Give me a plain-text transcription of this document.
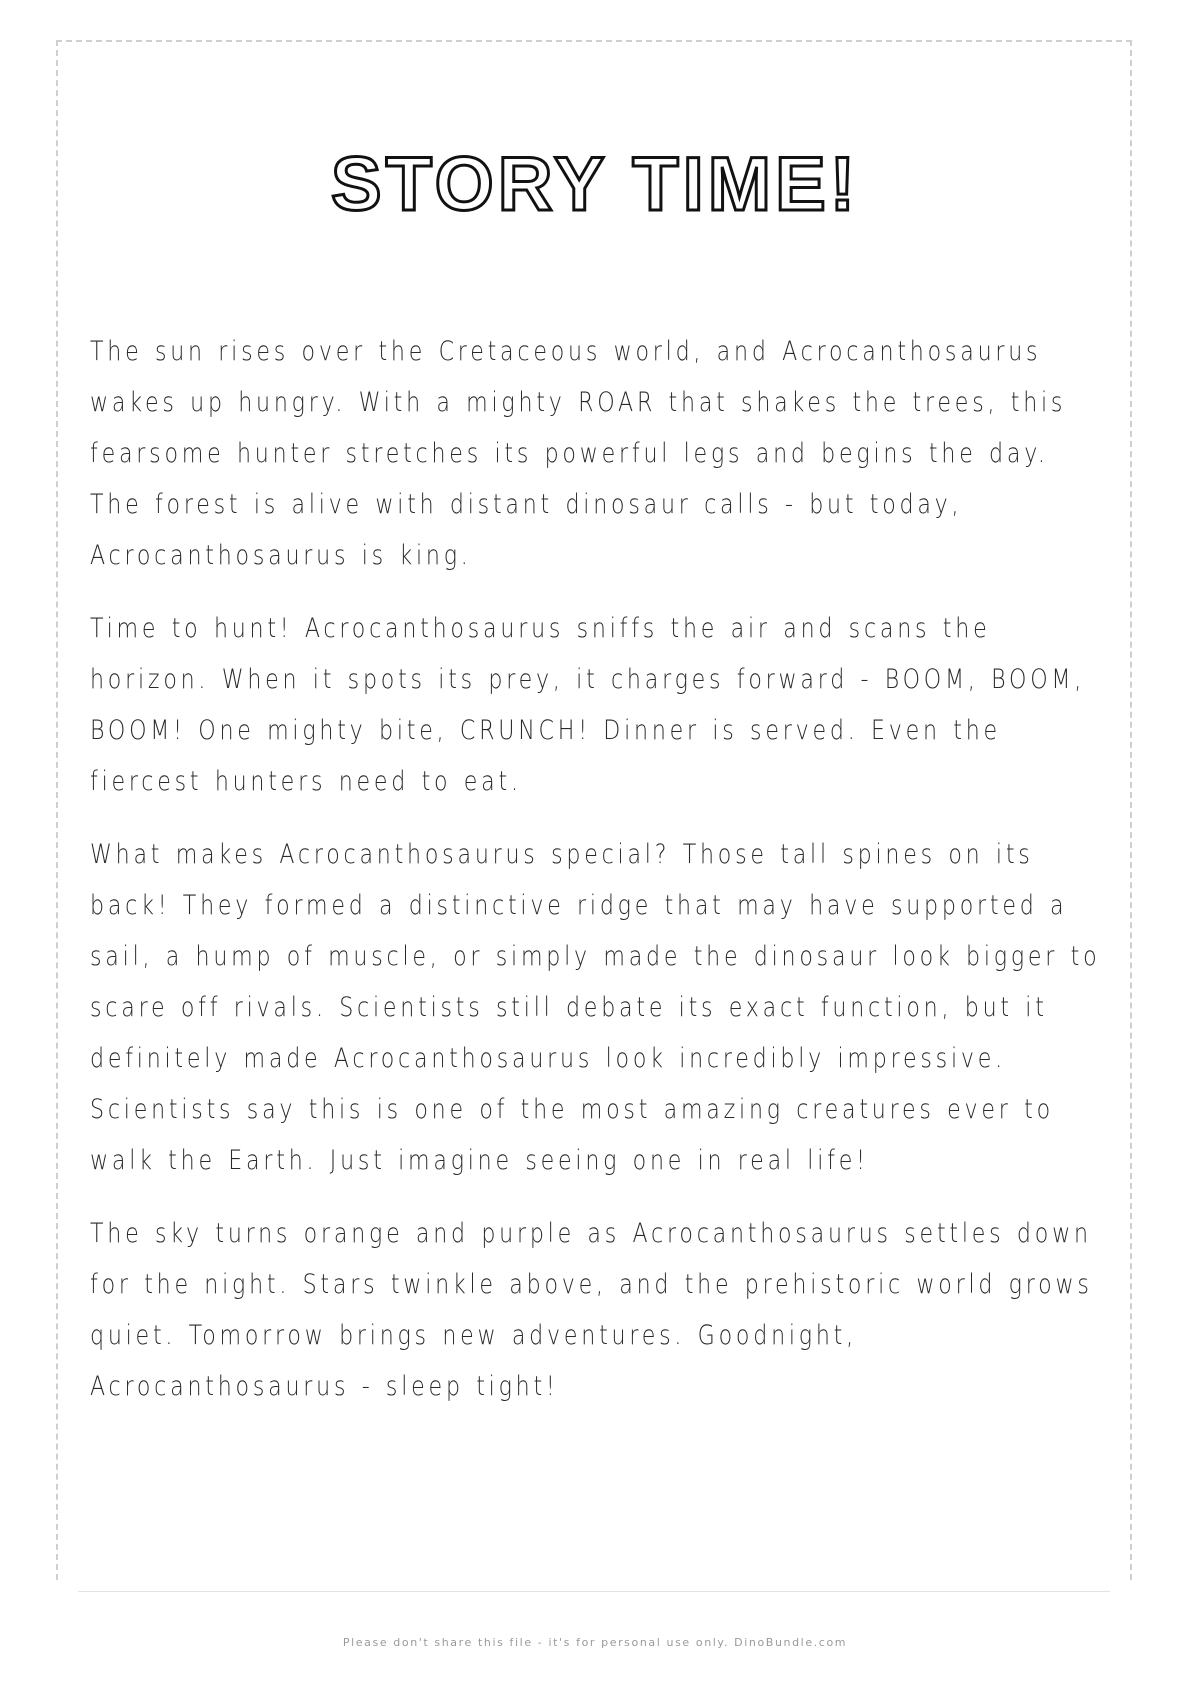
STORY TIME!

The sun rises over the Cretaceous world, and Acrocanthosaurus wakes up hungry. With a mighty ROAR that shakes the trees, this fearsome hunter stretches its powerful legs and begins the day. The forest is alive with distant dinosaur calls - but today, Acrocanthosaurus is king.

Time to hunt! Acrocanthosaurus sniffs the air and scans the horizon. When it spots its prey, it charges forward - BOOM, BOOM, BOOM! One mighty bite, CRUNCH! Dinner is served. Even the fiercest hunters need to eat.

What makes Acrocanthosaurus special? Those tall spines on its back! They formed a distinctive ridge that may have supported a sail, a hump of muscle, or simply made the dinosaur look bigger to scare off rivals. Scientists still debate its exact function, but it definitely made Acrocanthosaurus look incredibly impressive. Scientists say this is one of the most amazing creatures ever to walk the Earth. Just imagine seeing one in real life!

The sky turns orange and purple as Acrocanthosaurus settles down for the night. Stars twinkle above, and the prehistoric world grows quiet. Tomorrow brings new adventures. Goodnight, Acrocanthosaurus - sleep tight!

Please don't share this file - it's for personal use only. DinoBundle.com
